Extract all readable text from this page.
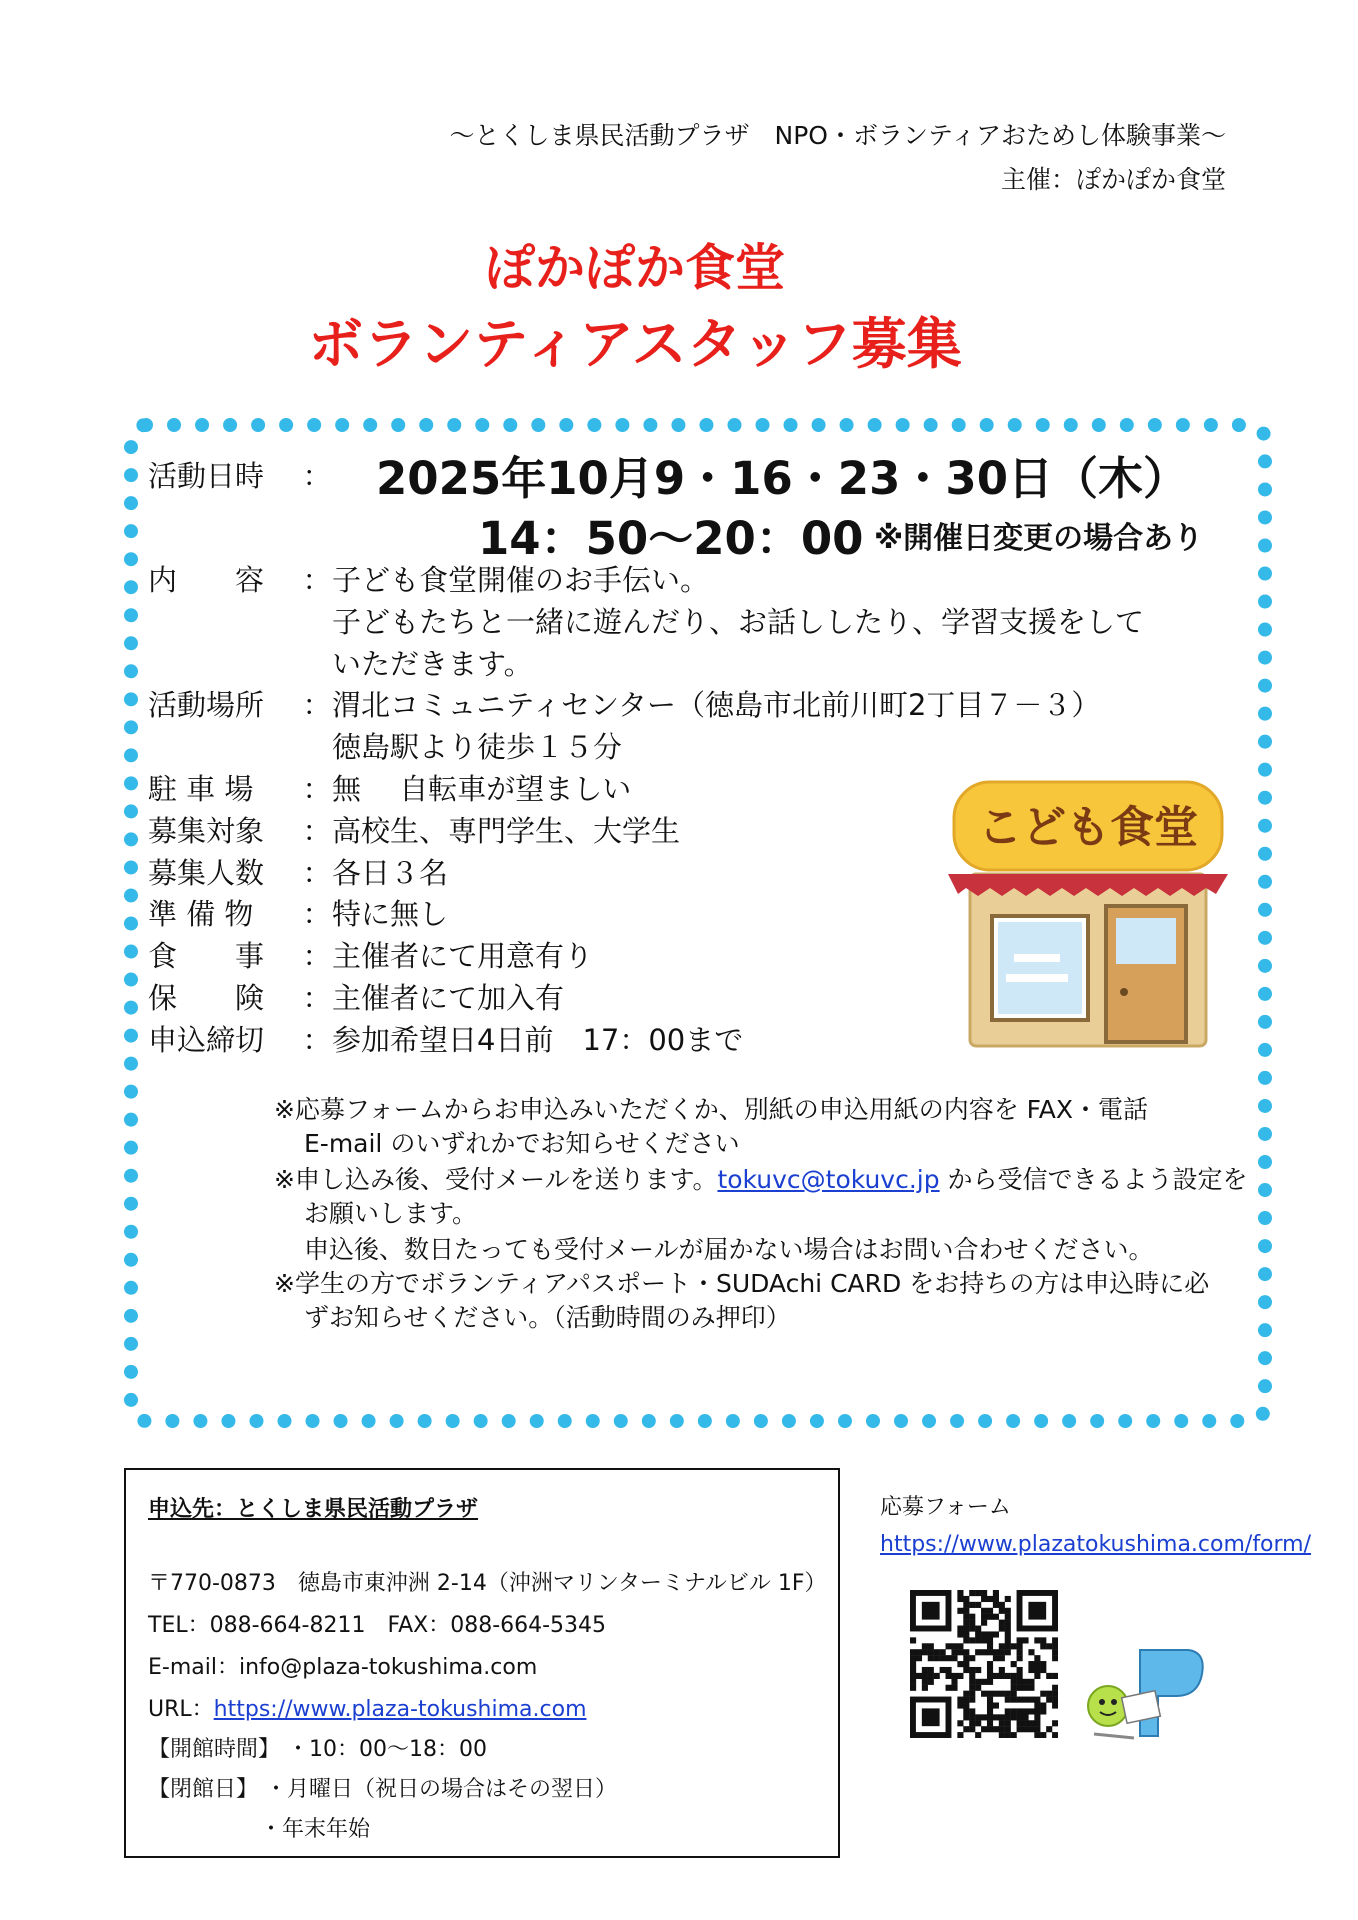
～とくしま県民活動プラザ　NPO・ボランティアおためし体験事業～
主催：ぽかぽか食堂
ぽかぽか食堂
ボランティアスタッフ募集
活動日時 ： 2025年10月9・16・23・30日（木）
14：50～20：00 ※開催日変更の場合あり
内　　容 ：子ども食堂開催のお手伝い。
子どもたちと一緒に遊んだり、お話ししたり、学習支援をして
いただきます。
活動場所 ：渭北コミュニティセンター（徳島市北前川町2丁目７－３）
徳島駅より徒歩１５分
駐 車 場 ：無　 自転車が望ましい
募集対象 ：高校生、専門学生、大学生
募集人数 ：各日３名
準 備 物 ：特に無し
食　　事 ：主催者にて用意有り
保　　険 ：主催者にて加入有
申込締切 ：参加希望日4日前　17：00まで
こども食堂
※応募フォームからお申込みいただくか、別紙の申込用紙の内容を FAX・電話
E-mail のいずれかでお知らせください
※申し込み後、受付メールを送ります。tokuvc@tokuvc.jp から受信できるよう設定を
お願いします。
申込後、数日たっても受付メールが届かない場合はお問い合わせください。
※学生の方でボランティアパスポート・SUDAchi CARD をお持ちの方は申込時に必
ずお知らせください。（活動時間のみ押印）
申込先：とくしま県民活動プラザ
〒770-0873　徳島市東沖洲 2-14（沖洲マリンターミナルビル 1F）
TEL：088-664-8211　FAX：088-664-5345
E-mail：info@plaza-tokushima.com
URL：https://www.plaza-tokushima.com
【開館時間】 ・10：00～18：00
【閉館日】 ・月曜日（祝日の場合はその翌日）
・年末年始
応募フォーム
https://www.plazatokushima.com/form/
